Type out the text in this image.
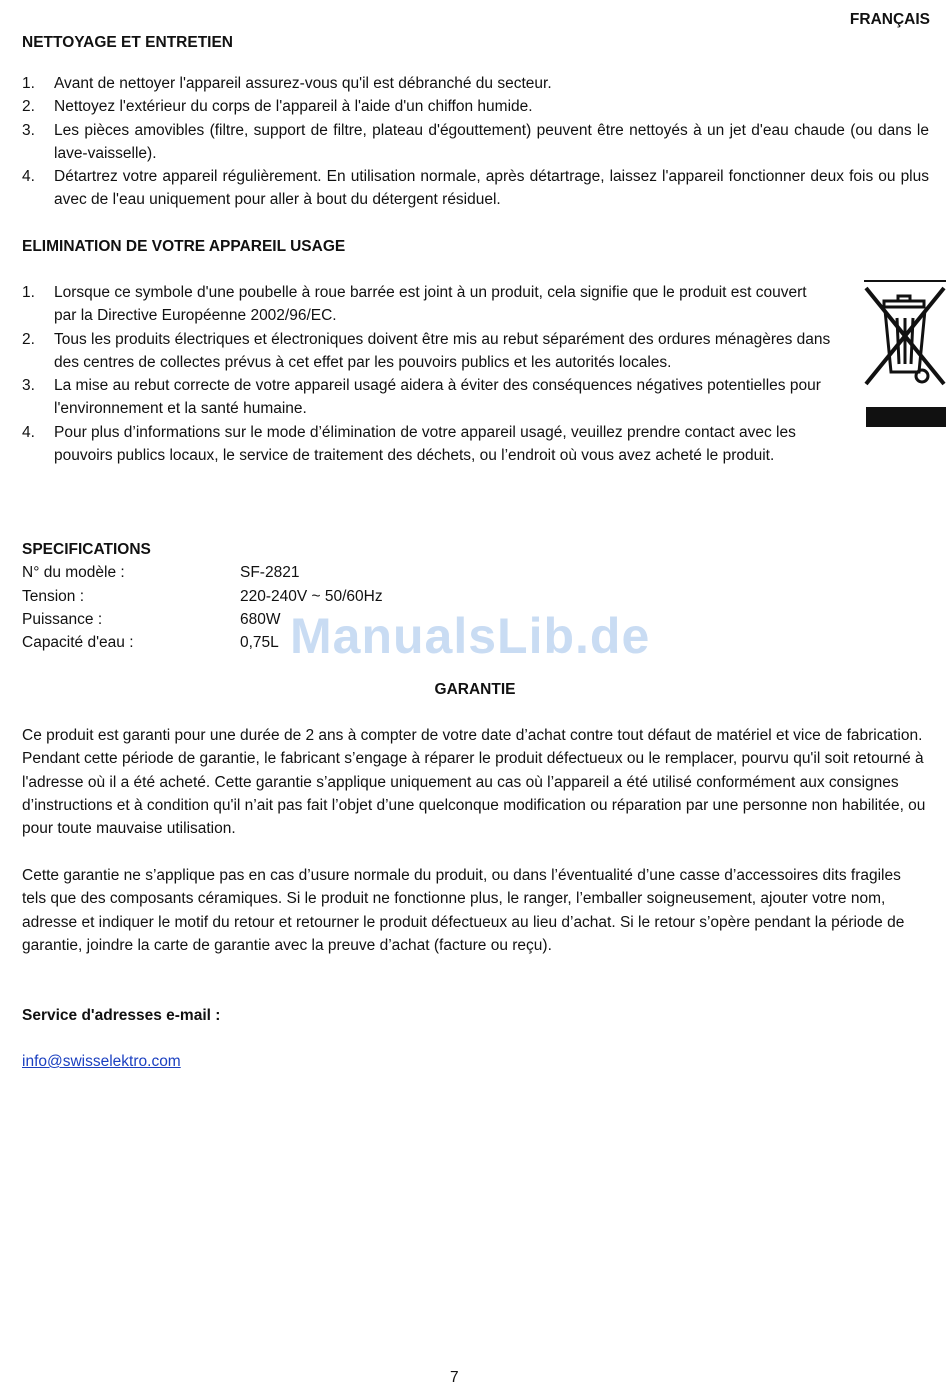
FRANÇAIS
NETTOYAGE ET ENTRETIEN
1. Avant de nettoyer l'appareil assurez-vous qu'il est débranché du secteur.
2. Nettoyez l'extérieur du corps de l'appareil à l'aide d'un chiffon humide.
3. Les pièces amovibles (filtre, support de filtre, plateau d'égouttement) peuvent être nettoyés à un jet d'eau chaude (ou dans le lave-vaisselle).
4. Détartrez votre appareil régulièrement. En utilisation normale, après détartrage, laissez l'appareil fonctionner deux fois ou plus avec de l'eau uniquement pour aller à bout du détergent résiduel.
ELIMINATION DE VOTRE APPAREIL USAGE
1. Lorsque ce symbole d'une poubelle à roue barrée est joint à un produit, cela signifie que le produit est couvert par la Directive Européenne 2002/96/EC.
2. Tous les produits électriques et électroniques doivent être mis au rebut séparément des ordures ménagères dans des centres de collectes prévus à cet effet par les pouvoirs publics et les autorités locales.
3. La mise au rebut correcte de votre appareil usagé aidera à éviter des conséquences négatives potentielles pour l'environnement et la santé humaine.
4. Pour plus d’informations sur le mode d’élimination de votre appareil usagé, veuillez prendre contact avec les pouvoirs publics locaux, le service de traitement des déchets, ou l’endroit où vous avez acheté le produit.
SPECIFICATIONS
N° du modèle :	SF-2821
Tension :	220-240V ~ 50/60Hz
Puissance :	680W
Capacité d'eau :	0,75L ManualsLib.de
GARANTIE

Ce produit est garanti pour une durée de 2 ans à compter de votre date d’achat contre tout défaut de matériel et vice de fabrication. Pendant cette période de garantie, le fabricant s’engage à réparer le produit défectueux ou le remplacer, pourvu qu'il soit retourné à l'adresse où il a été acheté. Cette garantie s’applique uniquement au cas où l’appareil a été utilisé conformément aux consignes d’instructions et à condition qu'il n’ait pas fait l’objet d’une quelconque modification ou réparation par une personne non habilitée, ou pour toute mauvaise utilisation.

Cette garantie ne s’applique pas en cas d’usure normale du produit, ou dans l’éventualité d’une casse d’accessoires dits fragiles tels que des composants céramiques. Si le produit ne fonctionne plus, le ranger, l’emballer soigneusement, ajouter votre nom, adresse et indiquer le motif du retour et retourner le produit défectueux au lieu d’achat. Si le retour s’opère pendant la période de garantie, joindre la carte de garantie avec la preuve d’achat (facture ou reçu).

Service d'adresses e-mail :
info@swisselektro.com
7
